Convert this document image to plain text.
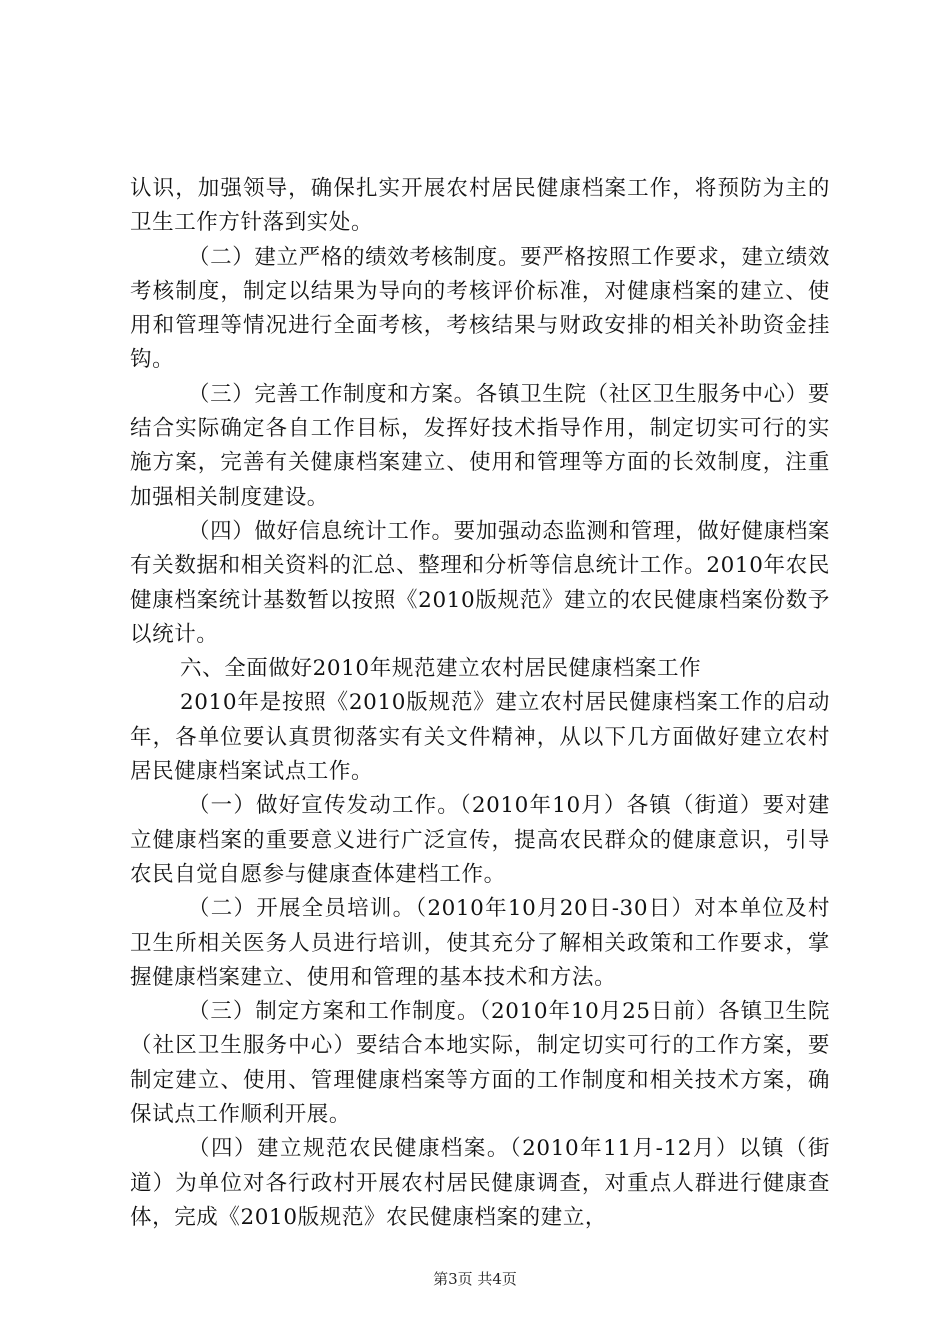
认识，加强领导，确保扎实开展农村居民健康档案工作，将预防为主的卫生工作方针落到实处。

（二）建立严格的绩效考核制度。要严格按照工作要求，建立绩效考核制度，制定以结果为导向的考核评价标准，对健康档案的建立、使用和管理等情况进行全面考核，考核结果与财政安排的相关补助资金挂钩。

（三）完善工作制度和方案。各镇卫生院（社区卫生服务中心）要结合实际确定各自工作目标，发挥好技术指导作用，制定切实可行的实施方案，完善有关健康档案建立、使用和管理等方面的长效制度，注重加强相关制度建设。

（四）做好信息统计工作。要加强动态监测和管理，做好健康档案有关数据和相关资料的汇总、整理和分析等信息统计工作。2010年农民健康档案统计基数暂以按照《2010版规范》建立的农民健康档案份数予以统计。

六、全面做好2010年规范建立农村居民健康档案工作

2010年是按照《2010版规范》建立农村居民健康档案工作的启动年，各单位要认真贯彻落实有关文件精神，从以下几方面做好建立农村居民健康档案试点工作。

（一）做好宣传发动工作。（2010年10月）各镇（街道）要对建立健康档案的重要意义进行广泛宣传，提高农民群众的健康意识，引导农民自觉自愿参与健康查体建档工作。

（二）开展全员培训。（2010年10月20日-30日）对本单位及村卫生所相关医务人员进行培训，使其充分了解相关政策和工作要求，掌握健康档案建立、使用和管理的基本技术和方法。

（三）制定方案和工作制度。（2010年10月25日前）各镇卫生院（社区卫生服务中心）要结合本地实际，制定切实可行的工作方案，要制定建立、使用、管理健康档案等方面的工作制度和相关技术方案，确保试点工作顺利开展。

（四）建立规范农民健康档案。（2010年11月-12月）以镇（街道）为单位对各行政村开展农村居民健康调查，对重点人群进行健康查体，完成《2010版规范》农民健康档案的建立，

第3页 共4页
